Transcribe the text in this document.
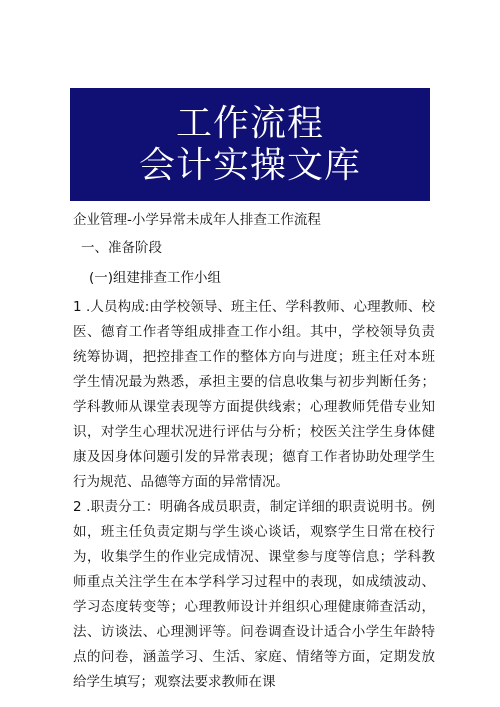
工作流程
会计实操文库
企业管理-小学异常未成年人排查工作流程
一、准备阶段
(一)组建排查工作小组

1 .人员构成:由学校领导、班主任、学科教师、心理教师、校医、德育工作者等组成排查工作小组。其中，学校领导负责统筹协调，把控排查工作的整体方向与进度；班主任对本班学生情况最为熟悉，承担主要的信息收集与初步判断任务；学科教师从课堂表现等方面提供线索；心理教师凭借专业知识，对学生心理状况进行评估与分析；校医关注学生身体健康及因身体问题引发的异常表现；德育工作者协助处理学生行为规范、品德等方面的异常情况。

2 .职责分工：明确各成员职责，制定详细的职责说明书。例如，班主任负责定期与学生谈心谈话，观察学生日常在校行为，收集学生的作业完成情况、课堂参与度等信息；学科教师重点关注学生在本学科学习过程中的表现，如成绩波动、学习态度转变等；心理教师设计并组织心理健康筛查活动，法、访谈法、心理测评等。问卷调查设计适合小学生年龄特点的问卷，涵盖学习、生活、家庭、情绪等方面，定期发放给学生填写；观察法要求教师在课
